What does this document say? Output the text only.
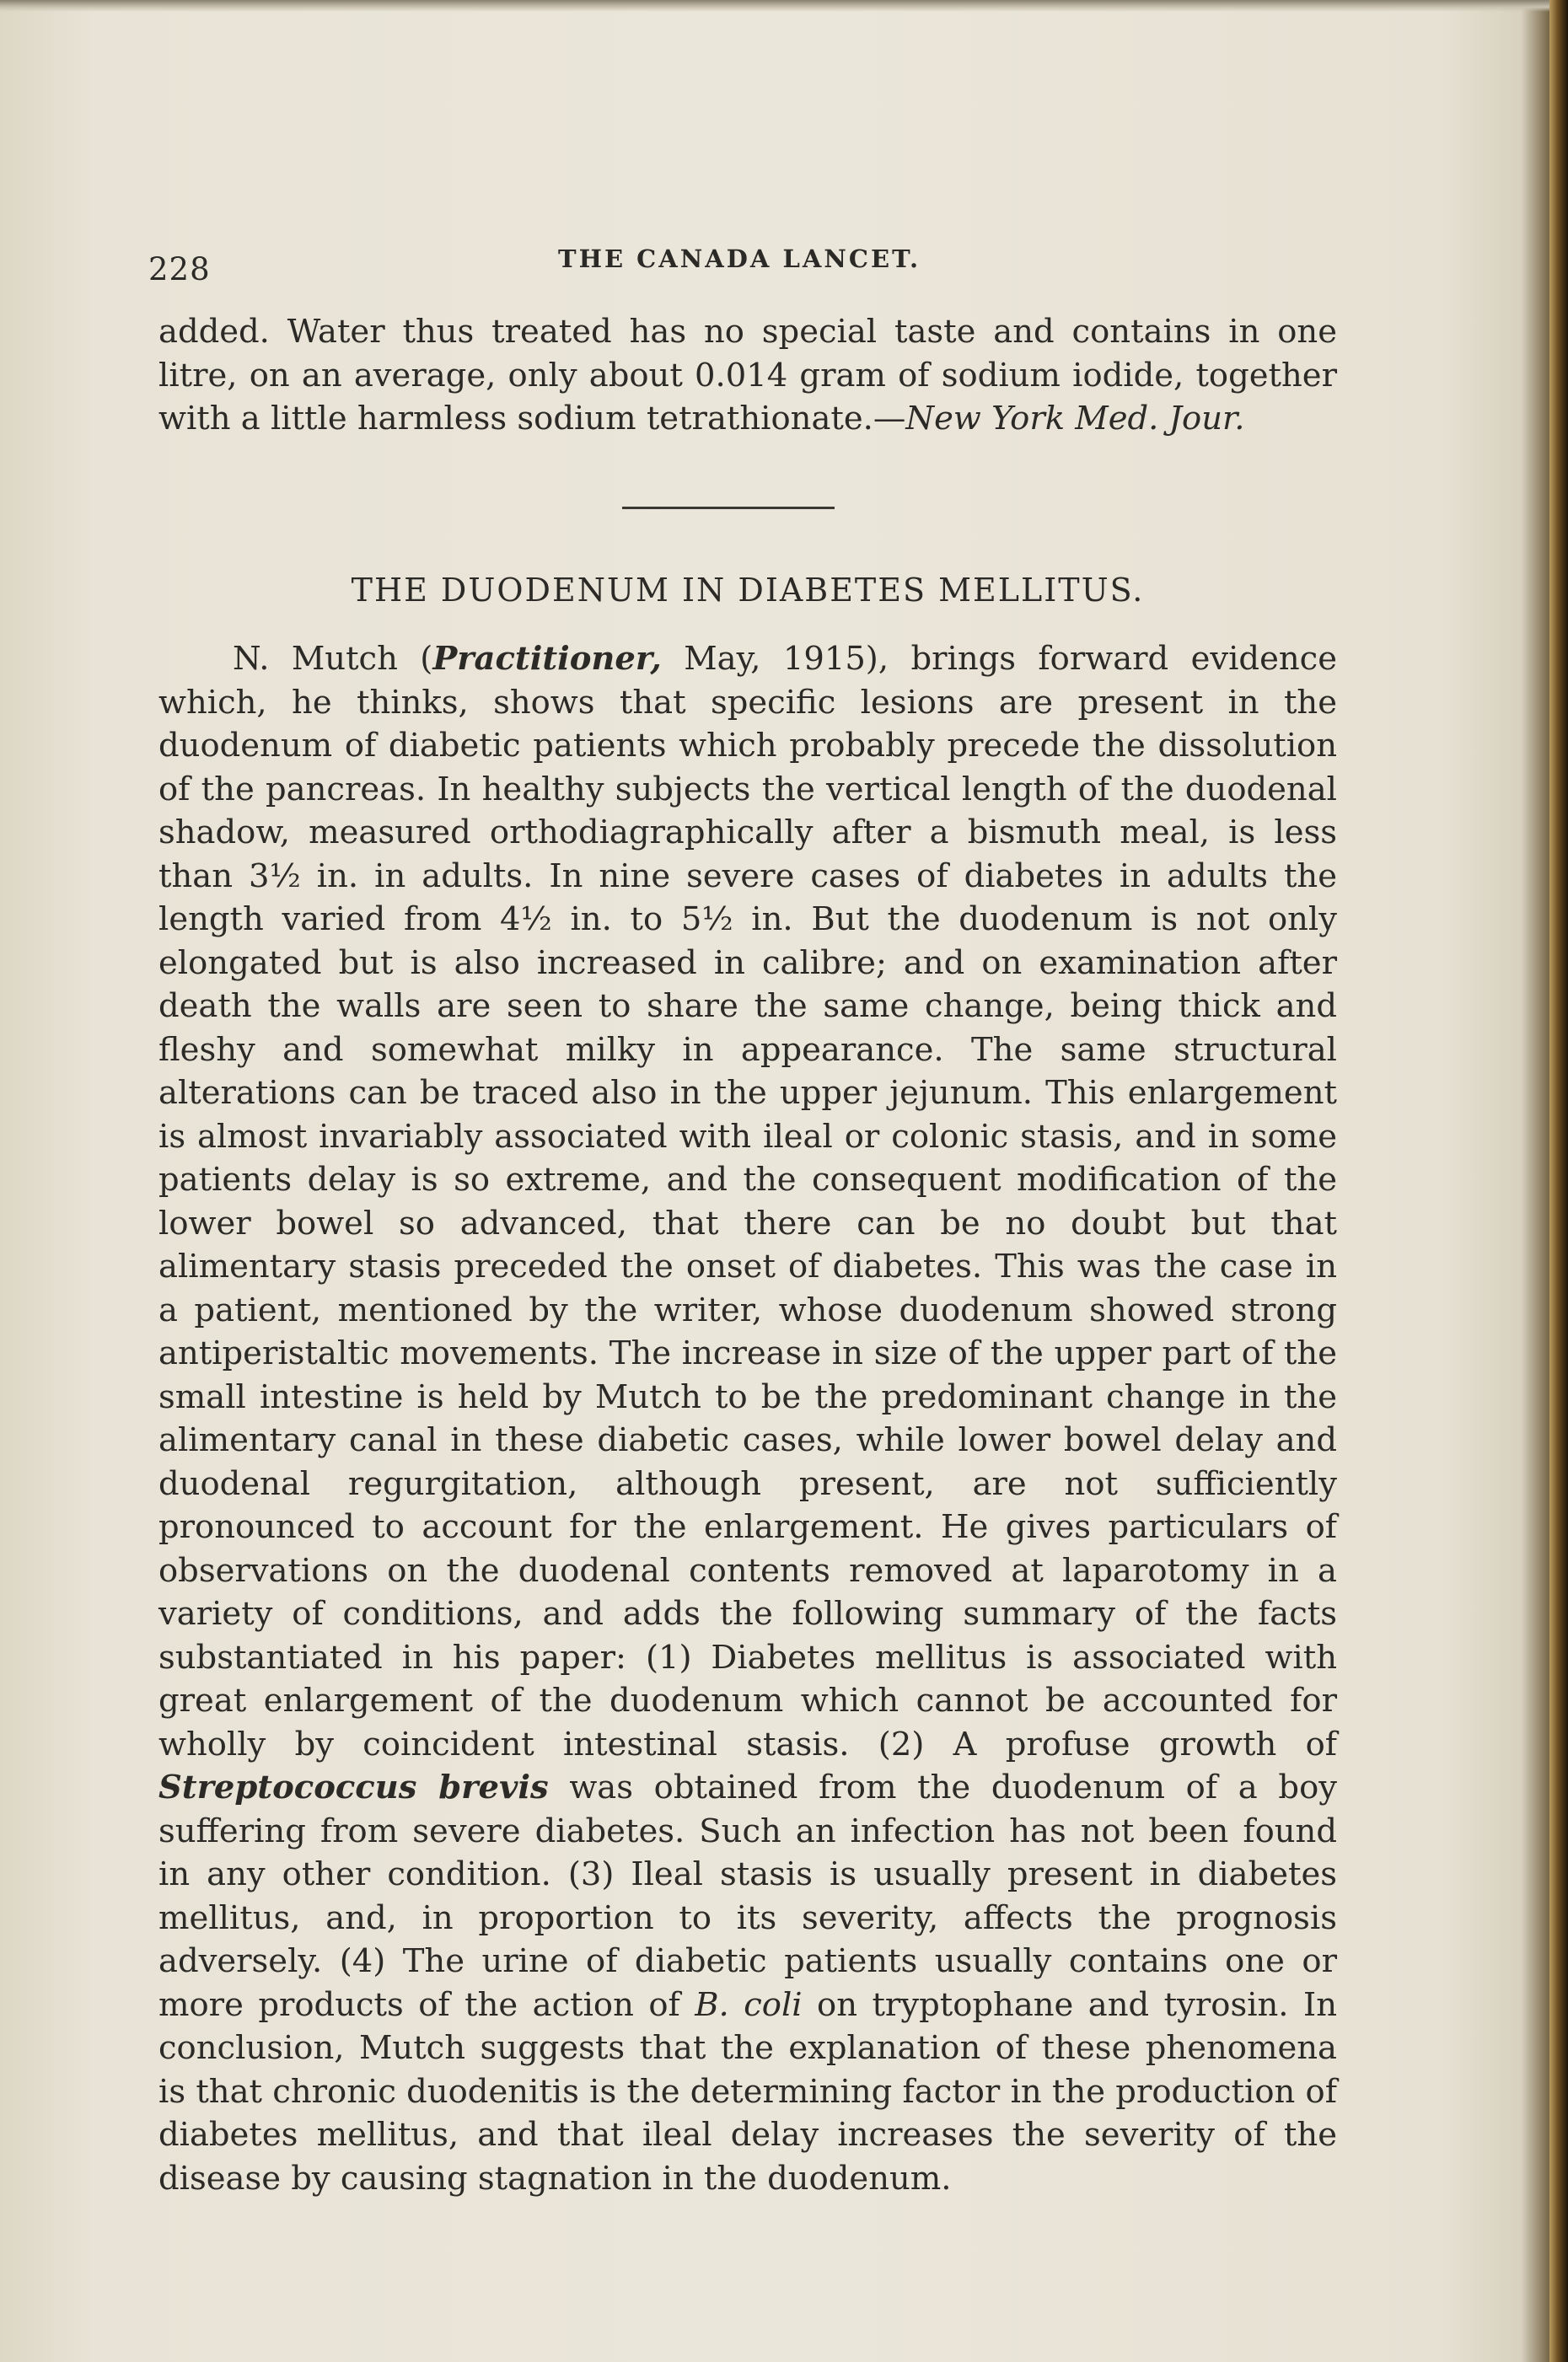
228	THE CANADA LANCET.
added. Water thus treated has no special taste and contains in one litre, on an average, only about 0.014 gram of sodium iodide, together with a little harmless sodium tetrathionate.—New York Med. Jour.
THE DUODENUM IN DIABETES MELLITUS.
N. Mutch (Practitioner, May, 1915), brings forward evidence which, he thinks, shows that specific lesions are present in the duodenum of diabetic patients which probably precede the dissolution of the pancreas. In healthy subjects the vertical length of the duodenal shadow, measured orthodiagraphically after a bismuth meal, is less than 3½ in. in adults. In nine severe cases of diabetes in adults the length varied from 4½ in. to 5½ in. But the duodenum is not only elongated but is also increased in calibre; and on examination after death the walls are seen to share the same change, being thick and fleshy and somewhat milky in appearance. The same structural alterations can be traced also in the upper jejunum. This enlargement is almost invariably associated with ileal or colonic stasis, and in some patients delay is so extreme, and the consequent modification of the lower bowel so advanced, that there can be no doubt but that alimentary stasis preceded the onset of diabetes. This was the case in a patient, mentioned by the writer, whose duodenum showed strong antiperistaltic movements. The increase in size of the upper part of the small intestine is held by Mutch to be the predominant change in the alimentary canal in these diabetic cases, while lower bowel delay and duodenal regurgitation, although present, are not sufficiently pronounced to account for the enlargement. He gives particulars of observations on the duodenal contents removed at laparotomy in a variety of conditions, and adds the following summary of the facts substantiated in his paper: (1) Diabetes mellitus is associated with great enlargement of the duodenum which cannot be accounted for wholly by coincident intestinal stasis. (2) A profuse growth of Streptococcus brevis was obtained from the duodenum of a boy suffering from severe diabetes. Such an infection has not been found in any other condition. (3) Ileal stasis is usually present in diabetes mellitus, and, in proportion to its severity, affects the prognosis adversely. (4) The urine of diabetic patients usually contains one or more products of the action of B. coli on tryptophane and tyrosin. In conclusion, Mutch suggests that the explanation of these phenomena is that chronic duodenitis is the determining factor in the production of diabetes mellitus, and that ileal delay increases the severity of the disease by causing stagnation in the duodenum.
